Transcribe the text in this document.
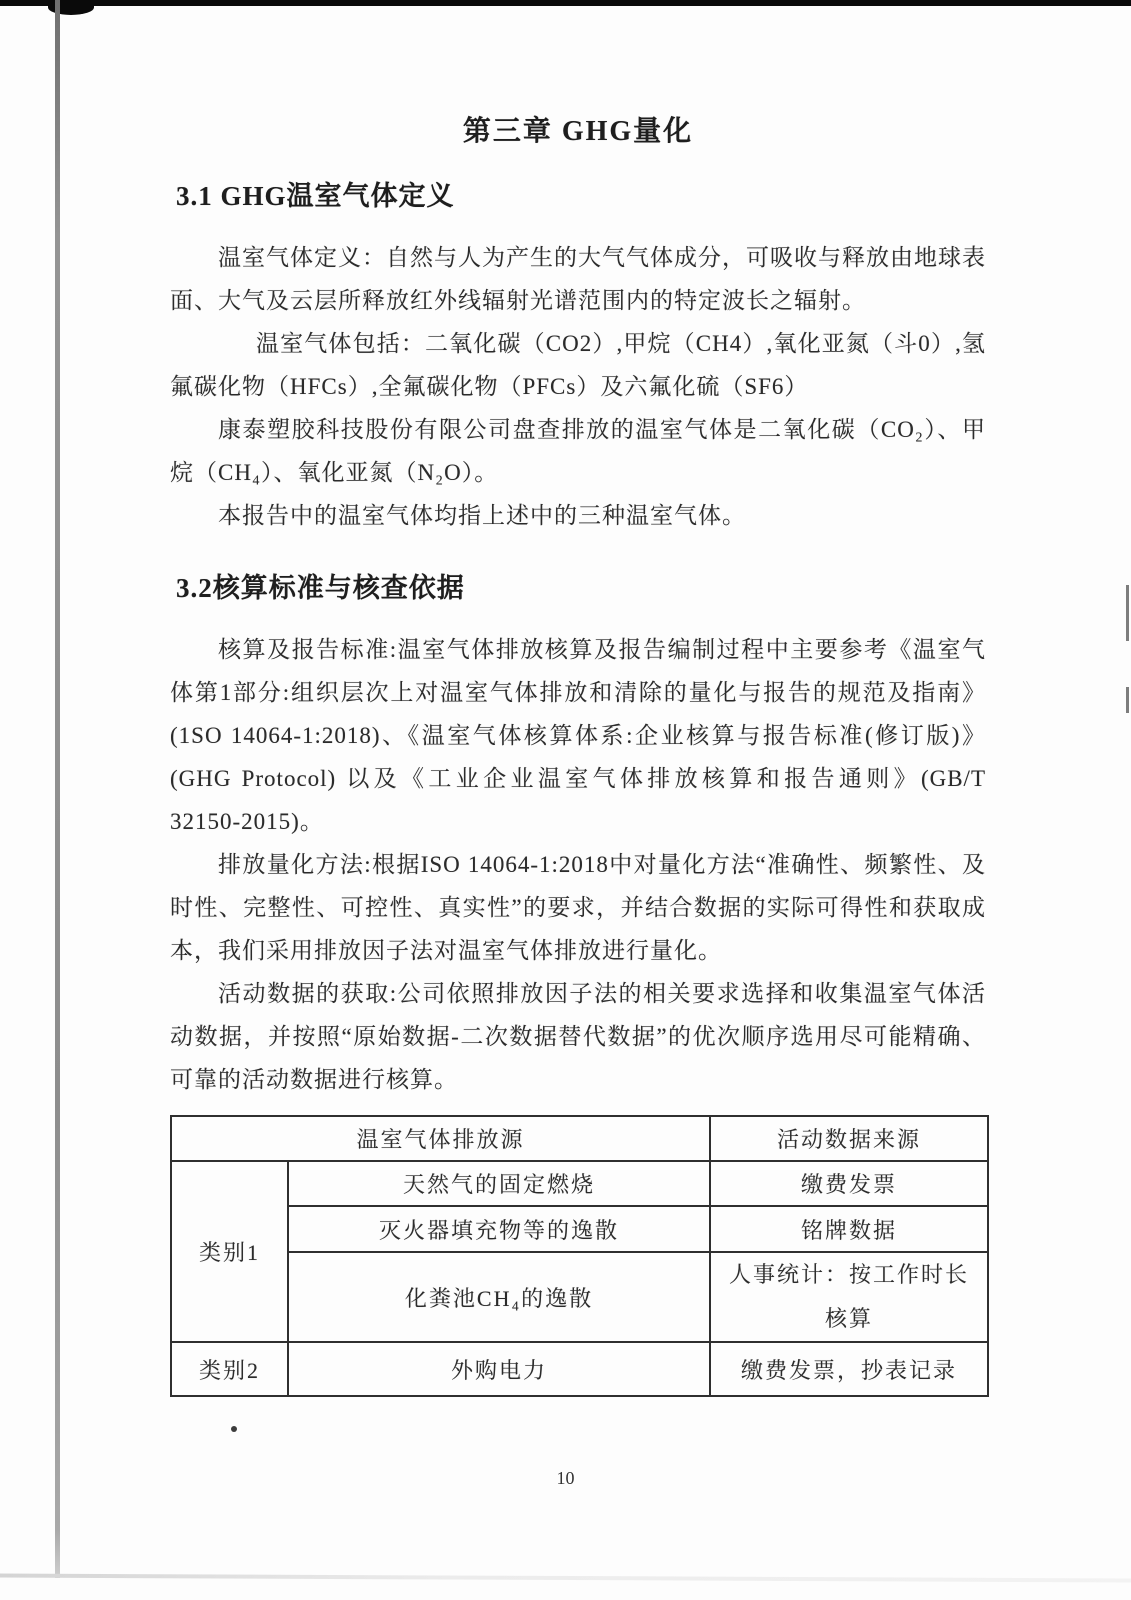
第三章 GHG量化
3.1 GHG温室气体定义

温室气体定义：自然与人为产生的大气气体成分，可吸收与释放由地球表面、大气及云层所释放红外线辐射光谱范围内的特定波长之辐射。

温室气体包括：二氧化碳（CO2）,甲烷（CH4）,氧化亚氮（斗0）,氢氟碳化物（HFCs）,全氟碳化物（PFCs）及六氟化硫（SF6）

康泰塑胶科技股份有限公司盘查排放的温室气体是二氧化碳（CO₂）、甲烷（CH₄）、氧化亚氮（N₂O）。

本报告中的温室气体均指上述中的三种温室气体。

3.2核算标准与核查依据

核算及报告标准:温室气体排放核算及报告编制过程中主要参考《温室气体第1部分:组织层次上对温室气体排放和清除的量化与报告的规范及指南》(1SO 14064-1:2018)、《温室气体核算体系:企业核算与报告标准(修订版)》(GHG Protocol) 以及《工业企业温室气体排放核算和报告通则》(GB/T 32150-2015)。

排放量化方法:根据ISO 14064-1:2018中对量化方法“准确性、频繁性、及时性、完整性、可控性、真实性”的要求，并结合数据的实际可得性和获取成本，我们采用排放因子法对温室气体排放进行量化。

活动数据的获取:公司依照排放因子法的相关要求选择和收集温室气体活动数据，并按照“原始数据-二次数据替代数据”的优次顺序选用尽可能精确、可靠的活动数据进行核算。

温室气体排放源		活动数据来源
类别1	天然气的固定燃烧	缴费发票
	灭火器填充物等的逸散	铭牌数据
	化粪池CH₄的逸散	人事统计：按工作时长核算
类别2	外购电力	缴费发票，抄表记录
10
